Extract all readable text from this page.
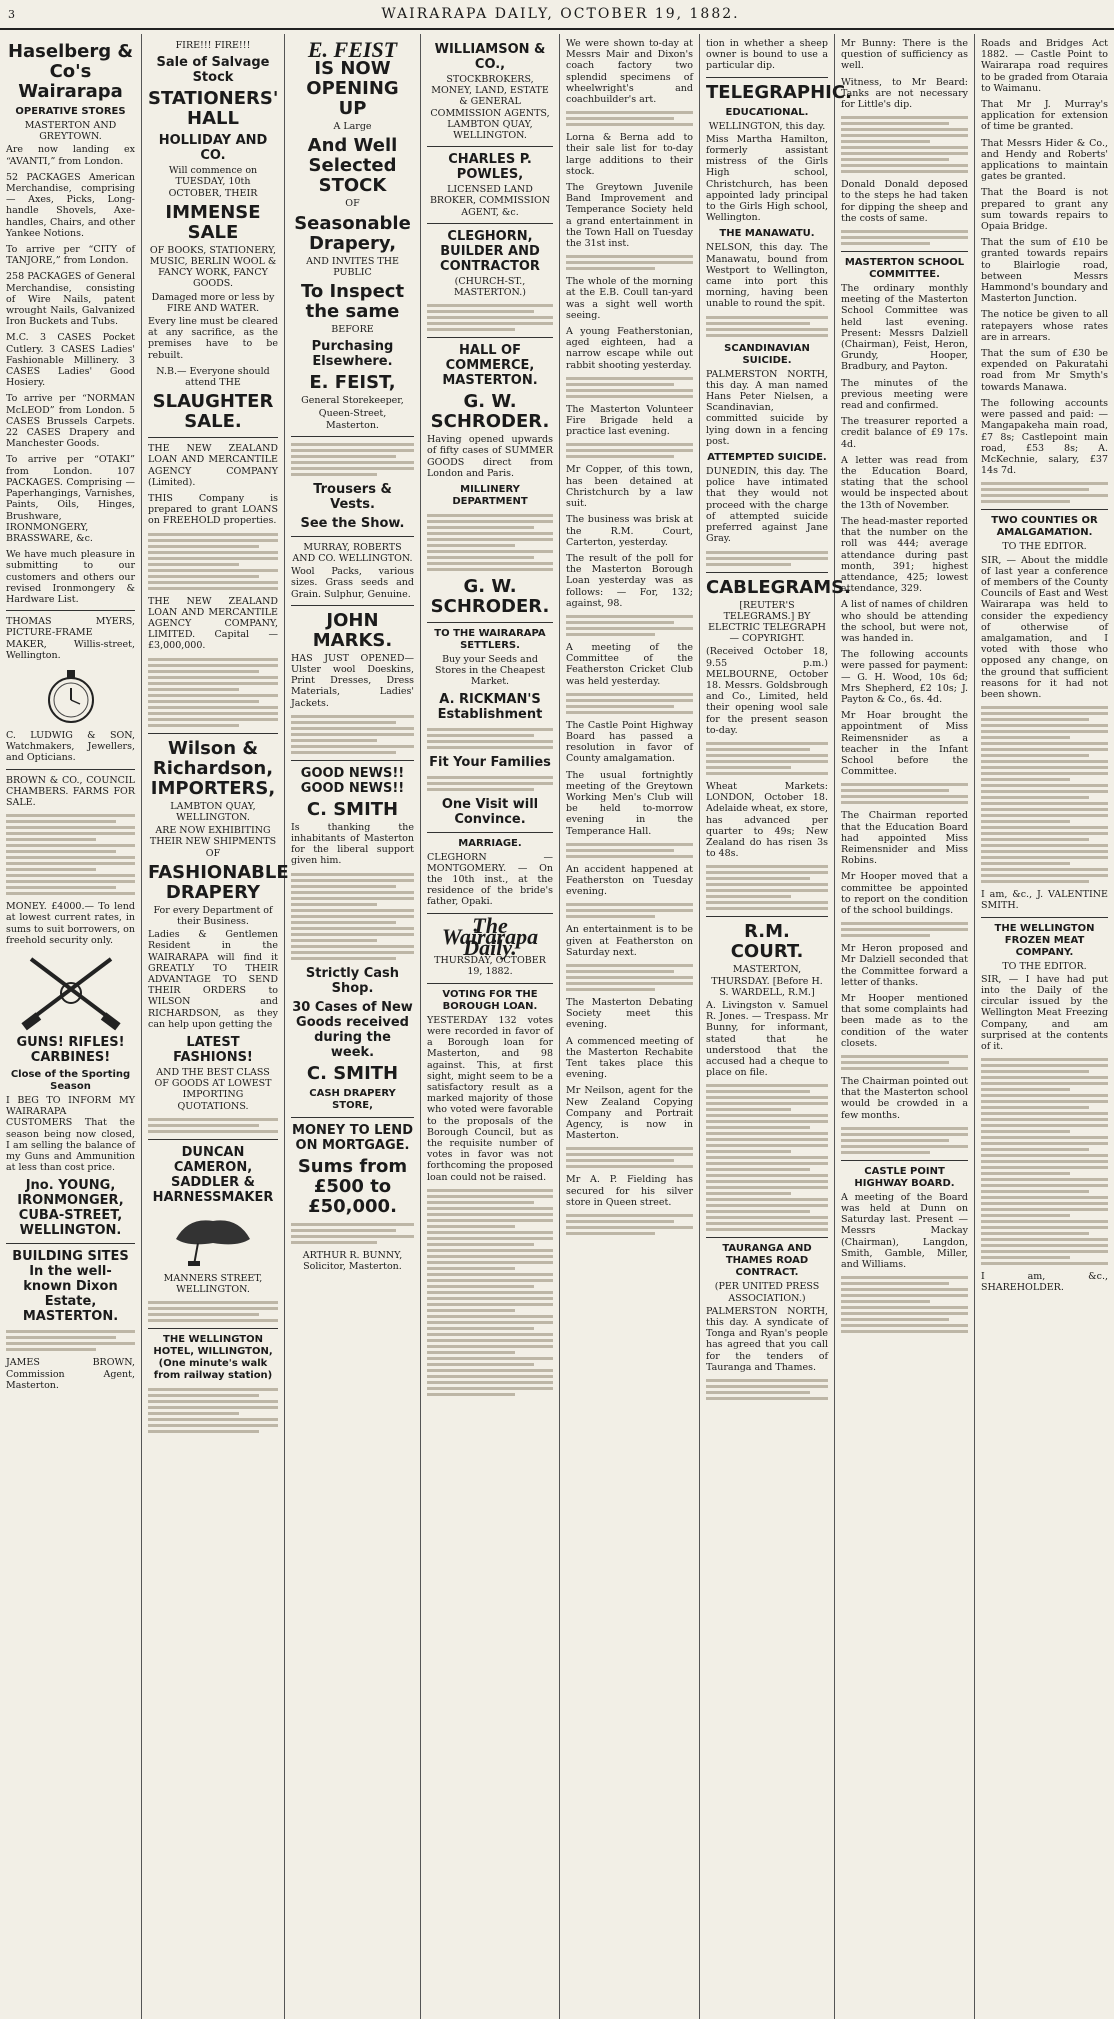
3	WAIRARAPA DAILY, OCTOBER 19, 1882.
Haselberg & Co's Wairarapa
OPERATIVE STORES
MASTERTON AND GREYTOWN.

Are now landing ex “AVANTI,” from London.

52 PACKAGES American Merchandise, comprising — Axes, Picks, Long-handle Shovels, Axe-handles, Chairs, and other Yankee Notions.

To arrive per “CITY of TANJORE,” from London.

258 PACKAGES of General Merchandise, consisting of Wire Nails, patent wrought Nails, Galvanized Iron Buckets and Tubs.

M.C. 3 CASES Pocket Cutlery. 3 CASES Ladies' Fashionable Millinery. 3 CASES Ladies' Good Hosiery.

To arrive per “NORMAN McLEOD” from London. 5 CASES Brussels Carpets. 22 CASES Drapery and Manchester Goods.

To arrive per “OTAKI” from London. 107 PACKAGES. Comprising — Paperhangings, Varnishes, Paints, Oils, Hinges, Brushware, IRONMONGERY, BRASSWARE, &c.

We have much pleasure in submitting to our customers and others our revised Ironmongery & Hardware List.

THOMAS MYERS, PICTURE-FRAME MAKER, Willis-street, Wellington.

C. LUDWIG & SON, Watchmakers, Jewellers, and Opticians.

BROWN & CO., COUNCIL CHAMBERS. FARMS FOR SALE.

MONEY. £4000.— To lend at lowest current rates, in sums to suit borrowers, on freehold security only.

GUNS! RIFLES! CARBINES!
Close of the Sporting Season

I BEG TO INFORM MY WAIRARAPA CUSTOMERS That the season being now closed, I am selling the balance of my Guns and Ammunition at less than cost price.

Jno. YOUNG, IRONMONGER, CUBA-STREET, WELLINGTON.
BUILDING SITES In the well-known Dixon Estate, MASTERTON.

JAMES BROWN, Commission Agent, Masterton.

FIRE!!! FIRE!!!
Sale of Salvage Stock
STATIONERS' HALL
HOLLIDAY AND CO.

Will commence on TUESDAY, 10th OCTOBER, THEIR

IMMENSE SALE

OF BOOKS, STATIONERY, MUSIC, BERLIN WOOL & FANCY WORK, FANCY GOODS.

Damaged more or less by FIRE AND WATER.

Every line must be cleared at any sacrifice, as the premises have to be rebuilt.

N.B.— Everyone should attend THE

SLAUGHTER SALE.

THE NEW ZEALAND LOAN AND MERCANTILE AGENCY COMPANY (Limited).

THIS Company is prepared to grant LOANS on FREEHOLD properties.

THE NEW ZEALAND LOAN AND MERCANTILE AGENCY COMPANY, LIMITED. Capital — £3,000,000.

Wilson & Richardson, IMPORTERS,

LAMBTON QUAY, WELLINGTON.

ARE NOW EXHIBITING THEIR NEW SHIPMENTS OF

FASHIONABLE DRAPERY

For every Department of their Business.

Ladies & Gentlemen Resident in the WAIRARAPA will find it GREATLY TO THEIR ADVANTAGE TO SEND THEIR ORDERS to WILSON and RICHARDSON, as they can help upon getting the

LATEST FASHIONS!

AND THE BEST CLASS OF GOODS AT LOWEST IMPORTING QUOTATIONS.

DUNCAN CAMERON, SADDLER & HARNESSMAKER

MANNERS STREET, WELLINGTON.

THE WELLINGTON HOTEL, WILLINGTON, (One minute's walk from railway station)
E. FEIST
IS NOW OPENING UP

A Large

And Well Selected STOCK

OF

Seasonable Drapery,

AND INVITES THE PUBLIC

To Inspect the same

BEFORE

Purchasing Elsewhere.
E. FEIST,

General Storekeeper,

Queen-Street, Masterton.

Trousers & Vests.
See the Show.

MURRAY, ROBERTS AND CO. WELLINGTON.

Wool Packs, various sizes. Grass seeds and Grain. Sulphur, Genuine.

JOHN MARKS.

HAS JUST OPENED— Ulster wool Doeskins, Print Dresses, Dress Materials, Ladies' Jackets.

GOOD NEWS!! GOOD NEWS!!
C. SMITH

Is thanking the inhabitants of Masterton for the liberal support given him.

Strictly Cash Shop.
30 Cases of New Goods received during the week.
C. SMITH
CASH DRAPERY STORE,
MONEY TO LEND ON MORTGAGE.
Sums from £500 to £50,000.

ARTHUR R. BUNNY, Solicitor, Masterton.

WILLIAMSON & CO.,

STOCKBROKERS, MONEY, LAND, ESTATE & GENERAL COMMISSION AGENTS, LAMBTON QUAY, WELLINGTON.

CHARLES P. POWLES,

LICENSED LAND BROKER, COMMISSION AGENT, &c.

CLEGHORN, BUILDER AND CONTRACTOR

(CHURCH-ST., MASTERTON.)

HALL OF COMMERCE, MASTERTON.
G. W. SCHRODER.

Having opened upwards of fifty cases of SUMMER GOODS direct from London and Paris.

MILLINERY DEPARTMENT
G. W. SCHRODER.
TO THE WAIRARAPA SETTLERS.

Buy your Seeds and Stores in the Cheapest Market.

A. RICKMAN'S Establishment
Fit Your Families
One Visit will Convince.
MARRIAGE.

CLEGHORN — MONTGOMERY. — On the 10th inst., at the residence of the bride's father, Opaki.

The Wairarapa Daily.

THURSDAY, OCTOBER 19, 1882.

VOTING FOR THE BOROUGH LOAN.

YESTERDAY 132 votes were recorded in favor of a Borough loan for Masterton, and 98 against. This, at first sight, might seem to be a satisfactory result as a marked majority of those who voted were favorable to the proposals of the Borough Council, but as the requisite number of votes in favor was not forthcoming the proposed loan could not be raised.

We were shown to-day at Messrs Mair and Dixon's coach factory two splendid specimens of wheelwright's and coachbuilder's art.

Lorna & Berna add to their sale list for to-day large additions to their stock.

The Greytown Juvenile Band Improvement and Temperance Society held a grand entertainment in the Town Hall on Tuesday the 31st inst.

The whole of the morning at the E.B. Coull tan-yard was a sight well worth seeing.

A young Featherstonian, aged eighteen, had a narrow escape while out rabbit shooting yesterday.

The Masterton Volunteer Fire Brigade held a practice last evening.

Mr Copper, of this town, has been detained at Christchurch by a law suit.

The business was brisk at the R.M. Court, Carterton, yesterday.

The result of the poll for the Masterton Borough Loan yesterday was as follows: — For, 132; against, 98.

A meeting of the Committee of the Featherston Cricket Club was held yesterday.

The Castle Point Highway Board has passed a resolution in favor of County amalgamation.

The usual fortnightly meeting of the Greytown Working Men's Club will be held to-morrow evening in the Temperance Hall.

An accident happened at Featherston on Tuesday evening.

An entertainment is to be given at Featherston on Saturday next.

The Masterton Debating Society meet this evening.

A commenced meeting of the Masterton Rechabite Tent takes place this evening.

Mr Neilson, agent for the New Zealand Copying Company and Portrait Agency, is now in Masterton.

Mr A. P. Fielding has secured for his silver store in Queen street.

tion in whether a sheep owner is bound to use a particular dip.

TELEGRAPHIC.
EDUCATIONAL.

WELLINGTON, this day.

Miss Martha Hamilton, formerly assistant mistress of the Girls High school, Christchurch, has been appointed lady principal to the Girls High school, Wellington.

THE MANAWATU.

NELSON, this day. The Manawatu, bound from Westport to Wellington, came into port this morning, having been unable to round the spit.

SCANDINAVIAN SUICIDE.

PALMERSTON NORTH, this day. A man named Hans Peter Nielsen, a Scandinavian, committed suicide by lying down in a fencing post.

ATTEMPTED SUICIDE.

DUNEDIN, this day. The police have intimated that they would not proceed with the charge of attempted suicide preferred against Jane Gray.

CABLEGRAMS.

[REUTER'S TELEGRAMS.] BY ELECTRIC TELEGRAPH — COPYRIGHT.

(Received October 18, 9.55 p.m.) MELBOURNE, October 18. Messrs. Goldsbrough and Co., Limited, held their opening wool sale for the present season to-day.

Wheat Markets: LONDON, October 18. Adelaide wheat, ex store, has advanced per quarter to 49s; New Zealand do has risen 3s to 48s.

R.M. COURT.

MASTERTON, THURSDAY. [Before H. S. WARDELL, R.M.]

A. Livingston v. Samuel R. Jones. — Trespass. Mr Bunny, for informant, stated that he understood that the accused had a cheque to place on file.

TAURANGA AND THAMES ROAD CONTRACT.

(PER UNITED PRESS ASSOCIATION.)

PALMERSTON NORTH, this day. A syndicate of Tonga and Ryan's people has agreed that you call for the tenders of Tauranga and Thames.

Mr Bunny: There is the question of sufficiency as well.

Witness, to Mr Beard: Tanks are not necessary for Little's dip.

Donald Donald deposed to the steps he had taken for dipping the sheep and the costs of same.

MASTERTON SCHOOL COMMITTEE.

The ordinary monthly meeting of the Masterton School Committee was held last evening. Present: Messrs Dalziell (Chairman), Feist, Heron, Grundy, Hooper, Bradbury, and Payton.

The minutes of the previous meeting were read and confirmed.

The treasurer reported a credit balance of £9 17s. 4d.

A letter was read from the Education Board, stating that the school would be inspected about the 13th of November.

The head-master reported that the number on the roll was 444; average attendance during past month, 391; highest attendance, 425; lowest attendance, 329.

A list of names of children who should be attending the school, but were not, was handed in.

The following accounts were passed for payment: — G. H. Wood, 10s 6d; Mrs Shepherd, £2 10s; J. Payton & Co., 6s. 4d.

Mr Hoar brought the appointment of Miss Reimensnider as a teacher in the Infant School before the Committee.

The Chairman reported that the Education Board had appointed Miss Reimensnider and Miss Robins.

Mr Hooper moved that a committee be appointed to report on the condition of the school buildings.

Mr Heron proposed and Mr Dalziell seconded that the Committee forward a letter of thanks.

Mr Hooper mentioned that some complaints had been made as to the condition of the water closets.

The Chairman pointed out that the Masterton school would be crowded in a few months.

CASTLE POINT HIGHWAY BOARD.

A meeting of the Board was held at Dunn on Saturday last. Present — Messrs Mackay (Chairman), Langdon, Smith, Gamble, Miller, and Williams.

Roads and Bridges Act 1882. — Castle Point to Wairarapa road requires to be graded from Otaraia to Waimanu.

That Mr J. Murray's application for extension of time be granted.

That Messrs Hider & Co., and Hendy and Roberts' applications to maintain gates be granted.

That the Board is not prepared to grant any sum towards repairs to Opaia Bridge.

That the sum of £10 be granted towards repairs to Blairlogie road, between Messrs Hammond's boundary and Masterton Junction.

The notice be given to all ratepayers whose rates are in arrears.

That the sum of £30 be expended on Pakuratahi road from Mr Smyth's towards Manawa.

The following accounts were passed and paid: — Mangapakeha main road, £7 8s; Castlepoint main road, £53 8s; A. McKechnie, salary, £37 14s 7d.

TWO COUNTIES OR AMALGAMATION.

TO THE EDITOR.

SIR, — About the middle of last year a conference of members of the County Councils of East and West Wairarapa was held to consider the expediency of otherwise of amalgamation, and I voted with those who opposed any change, on the ground that sufficient reasons for it had not been shown.

I am, &c., J. VALENTINE SMITH.

THE WELLINGTON FROZEN MEAT COMPANY.

TO THE EDITOR.

SIR, — I have had put into the Daily of the circular issued by the Wellington Meat Freezing Company, and am surprised at the contents of it.

I am, &c., SHAREHOLDER.
